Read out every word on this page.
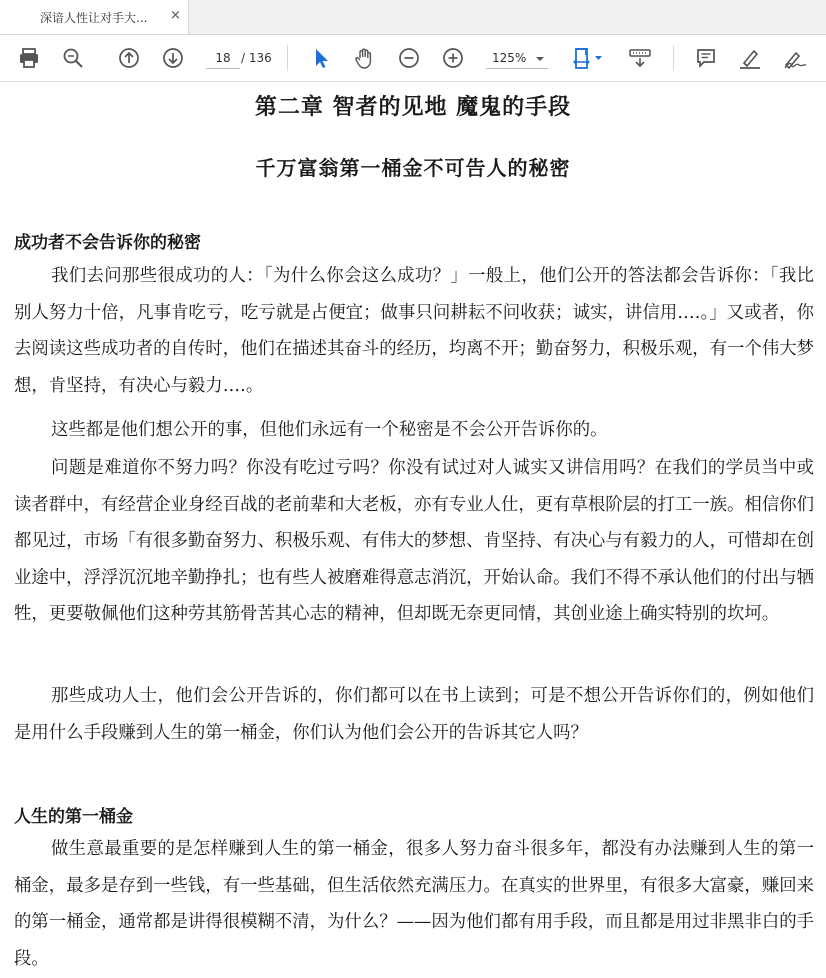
深谙人性让对手大...	×
18 / 136	125%
第二章 智者的见地 魔鬼的手段
千万富翁第一桶金不可告人的秘密
成功者不会告诉你的秘密

我们去问那些很成功的人：「为什么你会这么成功？」一般上，他们公开的答法都会告诉你：「我比别人努力十倍，凡事肯吃亏，吃亏就是占便宜；做事只问耕耘不问收获；诚实，讲信用‥‥。」又或者，你去阅读这些成功者的自传时，他们在描述其奋斗的经历，均离不开；勤奋努力，积极乐观，有一个伟大梦想，肯坚持，有决心与毅力‥‥。

这些都是他们想公开的事，但他们永远有一个秘密是不会公开告诉你的。

问题是难道你不努力吗？你没有吃过亏吗？你没有试过对人诚实又讲信用吗？在我们的学员当中或读者群中，有经营企业身经百战的老前辈和大老板，亦有专业人仕，更有草根阶层的打工一族。相信你们都见过，市场「有很多勤奋努力、积极乐观、有伟大的梦想、肯坚持、有决心与有毅力的人，可惜却在创业途中，浮浮沉沉地辛勤挣扎；也有些人被磨难得意志消沉，开始认命。我们不得不承认他们的付出与牺牲，更要敬佩他们这种劳其筋骨苦其心志的精神，但却既无奈更同情，其创业途上确实特别的坎坷。

那些成功人士，他们会公开告诉的，你们都可以在书上读到；可是不想公开告诉你们的，例如他们是用什么手段赚到人生的第一桶金，你们认为他们会公开的告诉其它人吗？

人生的第一桶金

做生意最重要的是怎样赚到人生的第一桶金，很多人努力奋斗很多年，都没有办法赚到人生的第一桶金，最多是存到一些钱，有一些基础，但生活依然充满压力。在真实的世界里，有很多大富豪，赚回来的第一桶金，通常都是讲得很模糊不清，为什么？——因为他们都有用手段，而且都是用过非黑非白的手段。
